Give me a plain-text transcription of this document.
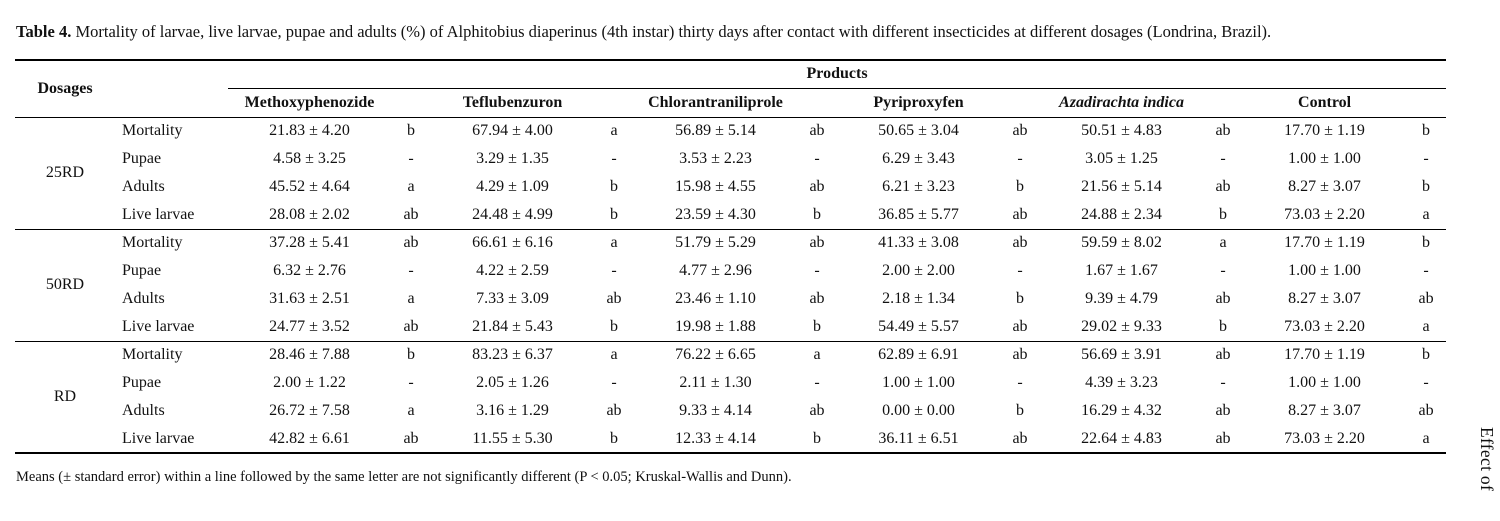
Table 4. Mortality of larvae, live larvae, pupae and adults (%) of Alphitobius diaperinus (4th instar) thirty days after contact with different insecticides at different dosages (Londrina, Brazil).

Dosages		Products											
		Methoxyphenozide		Teflubenzuron		Chlorantraniliprole		Pyriproxyfen		Azadirachta indica		Control	
25RD	Mortality	21.83 ± 4.20	b	67.94 ± 4.00	a	56.89 ± 5.14	ab	50.65 ± 3.04	ab	50.51 ± 4.83	ab	17.70 ± 1.19	b
	Pupae	4.58 ± 3.25	-	3.29 ± 1.35	-	3.53 ± 2.23	-	6.29 ± 3.43	-	3.05 ± 1.25	-	1.00 ± 1.00	-
	Adults	45.52 ± 4.64	a	4.29 ± 1.09	b	15.98 ± 4.55	ab	6.21 ± 3.23	b	21.56 ± 5.14	ab	8.27 ± 3.07	b
	Live larvae	28.08 ± 2.02	ab	24.48 ± 4.99	b	23.59 ± 4.30	b	36.85 ± 5.77	ab	24.88 ± 2.34	b	73.03 ± 2.20	a
50RD	Mortality	37.28 ± 5.41	ab	66.61 ± 6.16	a	51.79 ± 5.29	ab	41.33 ± 3.08	ab	59.59 ± 8.02	a	17.70 ± 1.19	b
	Pupae	6.32 ± 2.76	-	4.22 ± 2.59	-	4.77 ± 2.96	-	2.00 ± 2.00	-	1.67 ± 1.67	-	1.00 ± 1.00	-
	Adults	31.63 ± 2.51	a	7.33 ± 3.09	ab	23.46 ± 1.10	ab	2.18 ± 1.34	b	9.39 ± 4.79	ab	8.27 ± 3.07	ab
	Live larvae	24.77 ± 3.52	ab	21.84 ± 5.43	b	19.98 ± 1.88	b	54.49 ± 5.57	ab	29.02 ± 9.33	b	73.03 ± 2.20	a
RD	Mortality	28.46 ± 7.88	b	83.23 ± 6.37	a	76.22 ± 6.65	a	62.89 ± 6.91	ab	56.69 ± 3.91	ab	17.70 ± 1.19	b
	Pupae	2.00 ± 1.22	-	2.05 ± 1.26	-	2.11 ± 1.30	-	1.00 ± 1.00	-	4.39 ± 3.23	-	1.00 ± 1.00	-
	Adults	26.72 ± 7.58	a	3.16 ± 1.29	ab	9.33 ± 4.14	ab	0.00 ± 0.00	b	16.29 ± 4.32	ab	8.27 ± 3.07	ab
	Live larvae	42.82 ± 6.61	ab	11.55 ± 5.30	b	12.33 ± 4.14	b	36.11 ± 6.51	ab	22.64 ± 4.83	ab	73.03 ± 2.20	a

Means (± standard error) within a line followed by the same letter are not significantly different (P < 0.05; Kruskal-Wallis and Dunn).	Effect of
